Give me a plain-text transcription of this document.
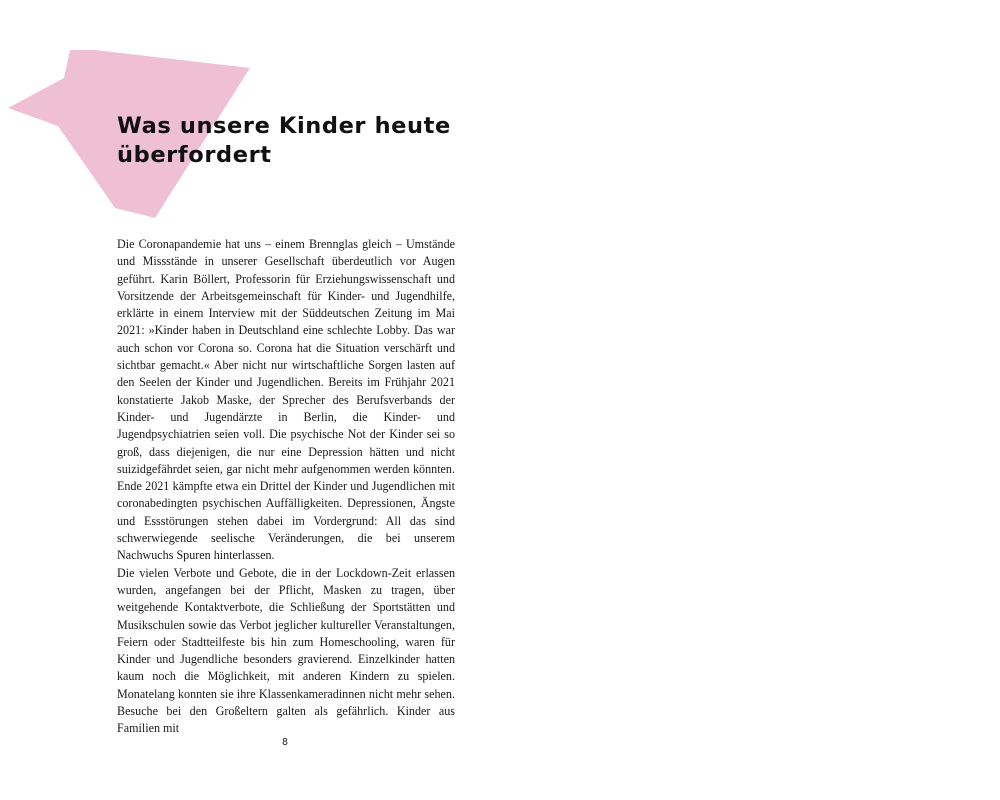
Was unsere Kinder heute überfordert

Die Coronapandemie hat uns – einem Brennglas gleich – Umstände und Missstände in unserer Gesellschaft überdeutlich vor Augen geführt. Karin Böllert, Professorin für Erziehungswissenschaft und Vorsitzende der Arbeitsgemeinschaft für Kinder- und Jugendhilfe, erklärte in einem Interview mit der Süddeutschen Zeitung im Mai 2021: »Kinder haben in Deutschland eine schlechte Lobby. Das war auch schon vor Corona so. Corona hat die Situation verschärft und sichtbar gemacht.« Aber nicht nur wirtschaftliche Sorgen lasten auf den Seelen der Kinder und Jugendlichen. Bereits im Frühjahr 2021 konstatierte Jakob Maske, der Sprecher des Berufsverbands der Kinder- und Jugendärzte in Berlin, die Kinder- und Jugendpsychiatrien seien voll. Die psychische Not der Kinder sei so groß, dass diejenigen, die nur eine Depression hätten und nicht suizidgefährdet seien, gar nicht mehr aufgenommen werden könnten. Ende 2021 kämpfte etwa ein Drittel der Kinder und Jugendlichen mit coronabedingten psychischen Auffälligkeiten. Depressionen, Ängste und Essstörungen stehen dabei im Vordergrund: All das sind schwerwiegende seelische Veränderungen, die bei unserem Nachwuchs Spuren hinterlassen.

Die vielen Verbote und Gebote, die in der Lockdown-Zeit erlassen wurden, angefangen bei der Pflicht, Masken zu tragen, über weitgehende Kontaktverbote, die Schließung der Sportstätten und Musikschulen sowie das Verbot jeglicher kultureller Veranstaltungen, Feiern oder Stadtteilfeste bis hin zum Homeschooling, waren für Kinder und Jugendliche besonders gravierend. Einzelkinder hatten kaum noch die Möglichkeit, mit anderen Kindern zu spielen. Monatelang konnten sie ihre Klassenkameradinnen nicht mehr sehen. Besuche bei den Großeltern galten als gefährlich. Kinder aus Familien mit

8
